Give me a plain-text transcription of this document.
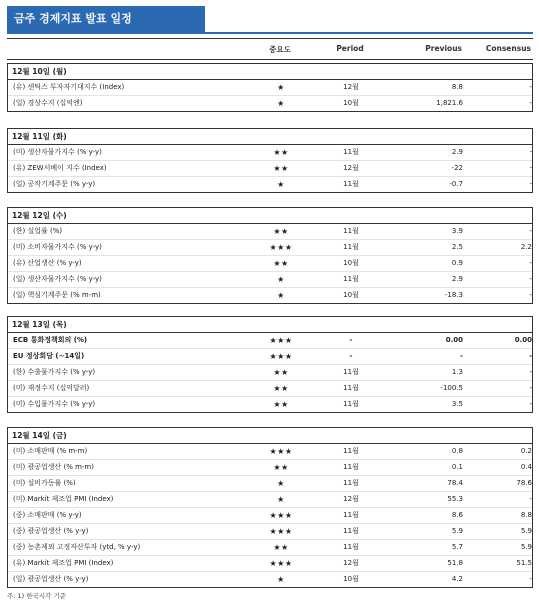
금주 경제지표 발표 일정
중요도	Period	Previous	Consensus
12월 10일 (월)
(유) 센틱스 투자자기대지수 (Index)	★	12월	8.8	-
(일) 경상수지 (십억엔)	★	10월	1,821.6	-
12월 11일 (화)
(미) 생산자물가지수 (% y-y)	★★	11월	2.9	-
(유) ZEW서베이 지수 (Index)	★★	12월	-22	-
(일) 공작기계주문 (% y-y)	★	11월	-0.7	-
12월 12일 (수)
(한) 실업률 (%)	★★	11월	3.9	-
(미) 소비자물가지수 (% y-y)	★★★	11월	2.5	2.2
(유) 산업생산 (% y-y)	★★	10월	0.9	-
(일) 생산자물가지수 (% y-y)	★	11월	2.9	-
(일) 핵심기계주문 (% m-m)	★	10월	-18.3	-
12월 13일 (목)
ECB 통화정책회의 (%)	★★★	-	0.00	0.00
EU 정상회담 (~14일)	★★★	-	-	-
(한) 수출물가지수 (% y-y)	★★	11월	1.3	-
(미) 재정수지 (십억달러)	★★	11월	-100.5	-
(미) 수입물가지수 (% y-y)	★★	11월	3.5	-
12월 14일 (금)
(미) 소매판매 (% m-m)	★★★	11월	0.8	0.2
(미) 광공업생산 (% m-m)	★★	11월	0.1	0.4
(미) 설비가동률 (%)	★	11월	78.4	78.6
(미) Markit 제조업 PMI (Index)	★	12월	55.3	-
(중) 소매판매 (% y-y)	★★★	11월	8.6	8.8
(중) 광공업생산 (% y-y)	★★★	11월	5.9	5.9
(중) 농촌제외 고정자산투자 (ytd, % y-y)	★★	11월	5.7	5.9
(유) Markit 제조업 PMI (Index)	★★★	12월	51.8	51.5
(일) 광공업생산 (% y-y)	★	10월	4.2	-
주: 1) 한국시각 기준
